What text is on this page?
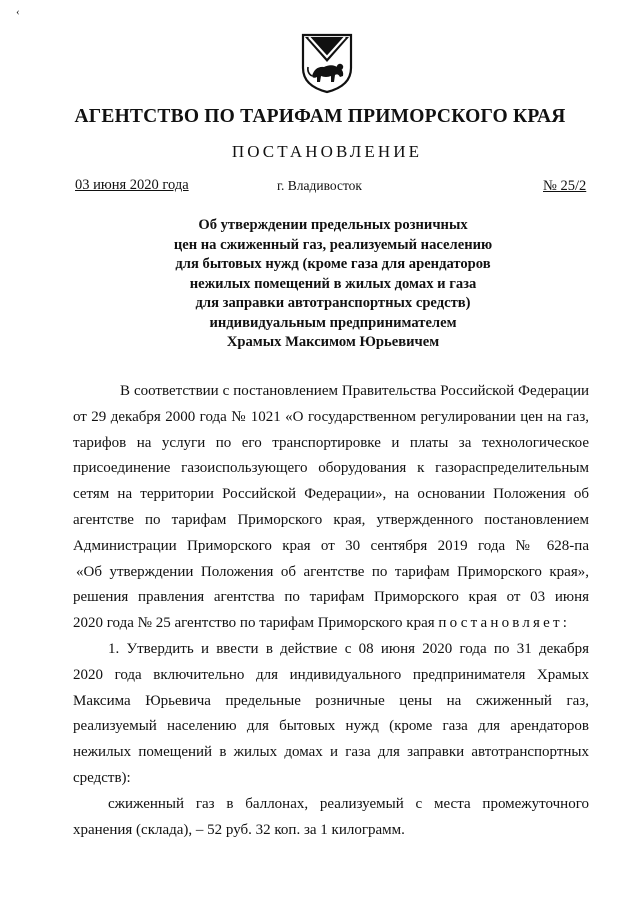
‹
АГЕНТСТВО ПО ТАРИФАМ ПРИМОРСКОГО КРАЯ
ПОСТАНОВЛЕНИЕ
03 июня 2020 года	г. Владивосток	№ 25/2
Об утверждении предельных розничных
цен на сжиженный газ, реализуемый населению
для бытовых нужд (кроме газа для арендаторов
нежилых помещений в жилых домах и газа
для заправки автотранспортных средств)
индивидуальным предпринимателем
Храмых Максимом Юрьевичем
В соответствии с постановлением Правительства Российской Федерации
от 29 декабря 2000 года № 1021 «О государственном регулировании цен на газ,
тарифов на услуги по его транспортировке и платы за технологическое
присоединение газоиспользующего оборудования к газораспределительным
сетям на территории Российской Федерации», на основании Положения об
агентстве по тарифам Приморского края, утвержденного постановлением
Администрации Приморского края от 30 сентября 2019 года № 628-па
«Об утверждении Положения об агентстве по тарифам Приморского края»,
решения правления агентства по тарифам Приморского края от 03 июня
2020 года № 25 агентство по тарифам Приморского края постановляет:
1. Утвердить и ввести в действие с 08 июня 2020 года по 31 декабря
2020 года включительно для индивидуального предпринимателя Храмых
Максима Юрьевича предельные розничные цены на сжиженный газ,
реализуемый населению для бытовых нужд (кроме газа для арендаторов
нежилых помещений в жилых домах и газа для заправки автотранспортных
средств):
сжиженный газ в баллонах, реализуемый с места промежуточного
хранения (склада), – 52 руб. 32 коп. за 1 килограмм.
